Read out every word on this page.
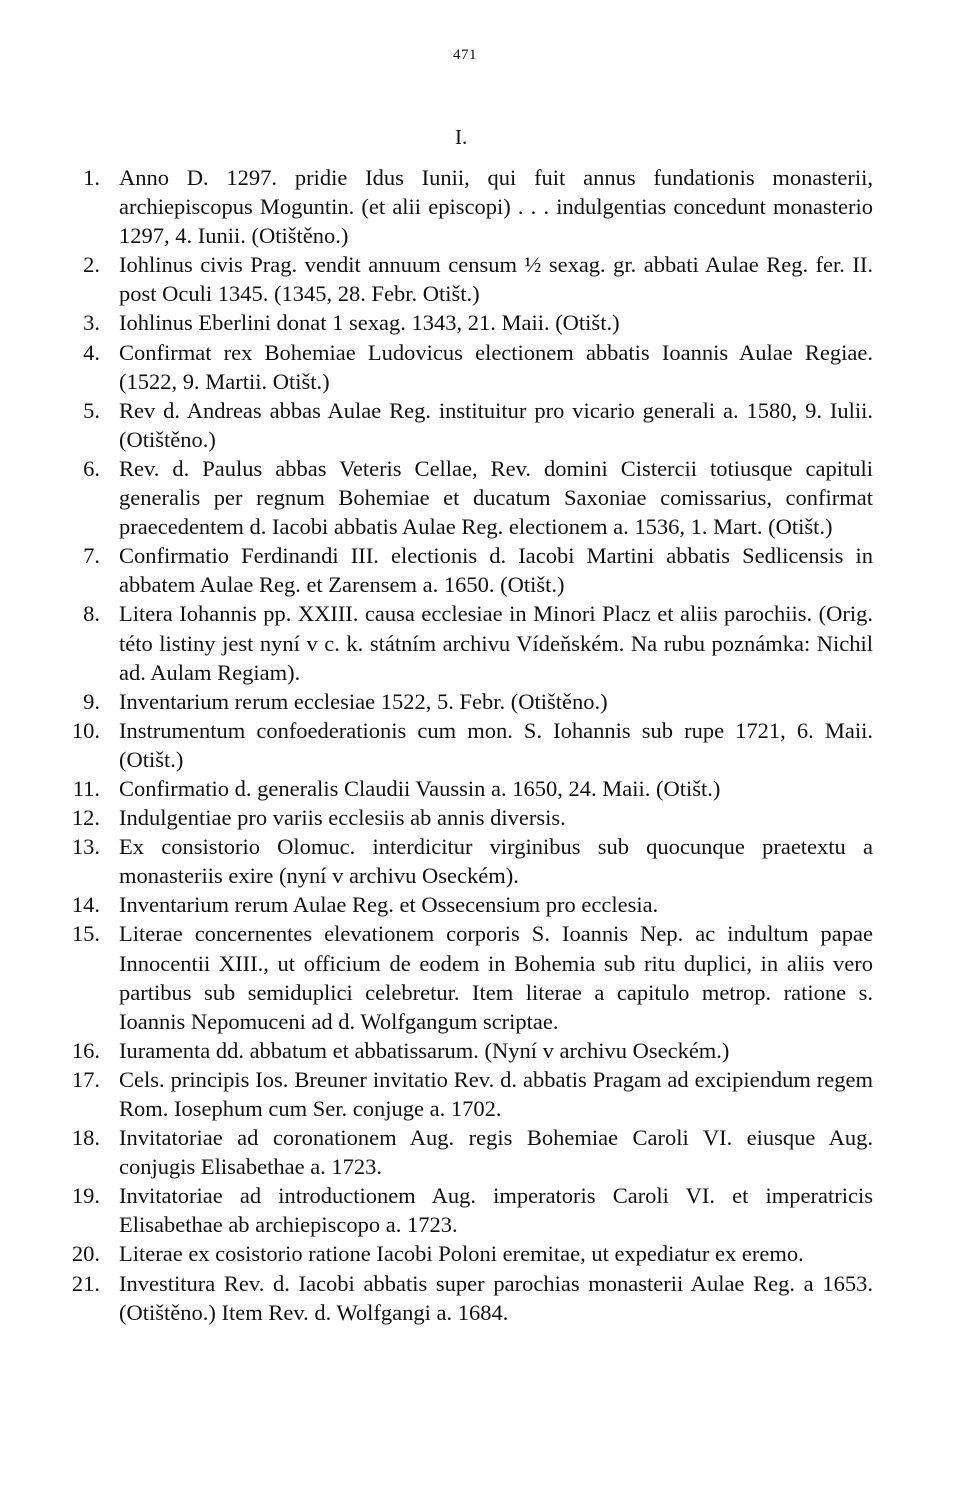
471
I.
1. Anno D. 1297. pridie Idus Iunii, qui fuit annus fundationis monasterii, archiepiscopus Moguntin. (et alii episcopi) . . . indulgentias concedunt monasterio 1297, 4. Iunii. (Otištěno.)
2. Iohlinus civis Prag. vendit annuum censum ½ sexag. gr. abbati Aulae Reg. fer. II. post Oculi 1345. (1345, 28. Febr. Otišt.)
3. Iohlinus Eberlini donat 1 sexag. 1343, 21. Maii. (Otišt.)
4. Confirmat rex Bohemiae Ludovicus electionem abbatis Ioannis Aulae Regiae. (1522, 9. Martii. Otišt.)
5. Rev d. Andreas abbas Aulae Reg. instituitur pro vicario generali a. 1580, 9. Iulii. (Otištěno.)
6. Rev. d. Paulus abbas Veteris Cellae, Rev. domini Cistercii totiusque capituli generalis per regnum Bohemiae et ducatum Saxoniae comissarius, confirmat praecedentem d. Iacobi abbatis Aulae Reg. electionem a. 1536, 1. Mart. (Otišt.)
7. Confirmatio Ferdinandi III. electionis d. Iacobi Martini abbatis Sedlicensis in abbatem Aulae Reg. et Zarensem a. 1650. (Otišt.)
8. Litera Iohannis pp. XXIII. causa ecclesiae in Minori Placz et aliis parochiis. (Orig. této listiny jest nyní v c. k. státním archivu Vídeňském. Na rubu poznámka: Nichil ad. Aulam Regiam).
9. Inventarium rerum ecclesiae 1522, 5. Febr. (Otištěno.)
10. Instrumentum confoederationis cum mon. S. Iohannis sub rupe 1721, 6. Maii. (Otišt.)
11. Confirmatio d. generalis Claudii Vaussin a. 1650, 24. Maii. (Otišt.)
12. Indulgentiae pro variis ecclesiis ab annis diversis.
13. Ex consistorio Olomuc. interdicitur virginibus sub quocunque praetextu a monasteriis exire (nyní v archivu Oseckém).
14. Inventarium rerum Aulae Reg. et Ossecensium pro ecclesia.
15. Literae concernentes elevationem corporis S. Ioannis Nep. ac indultum papae Innocentii XIII., ut officium de eodem in Bohemia sub ritu duplici, in aliis vero partibus sub semiduplici celebretur. Item literae a capitulo metrop. ratione s. Ioannis Nepomuceni ad d. Wolfgangum scriptae.
16. Iuramenta dd. abbatum et abbatissarum. (Nyní v archivu Oseckém.)
17. Cels. principis Ios. Breuner invitatio Rev. d. abbatis Pragam ad excipiendum regem Rom. Iosephum cum Ser. conjuge a. 1702.
18. Invitatoriae ad coronationem Aug. regis Bohemiae Caroli VI. eiusque Aug. conjugis Elisabethae a. 1723.
19. Invitatoriae ad introductionem Aug. imperatoris Caroli VI. et imperatricis Elisabethae ab archiepiscopo a. 1723.
20. Literae ex cosistorio ratione Iacobi Poloni eremitae, ut expediatur ex eremo.
21. Investitura Rev. d. Iacobi abbatis super parochias monasterii Aulae Reg. a 1653. (Otištěno.) Item Rev. d. Wolfgangi a. 1684.
